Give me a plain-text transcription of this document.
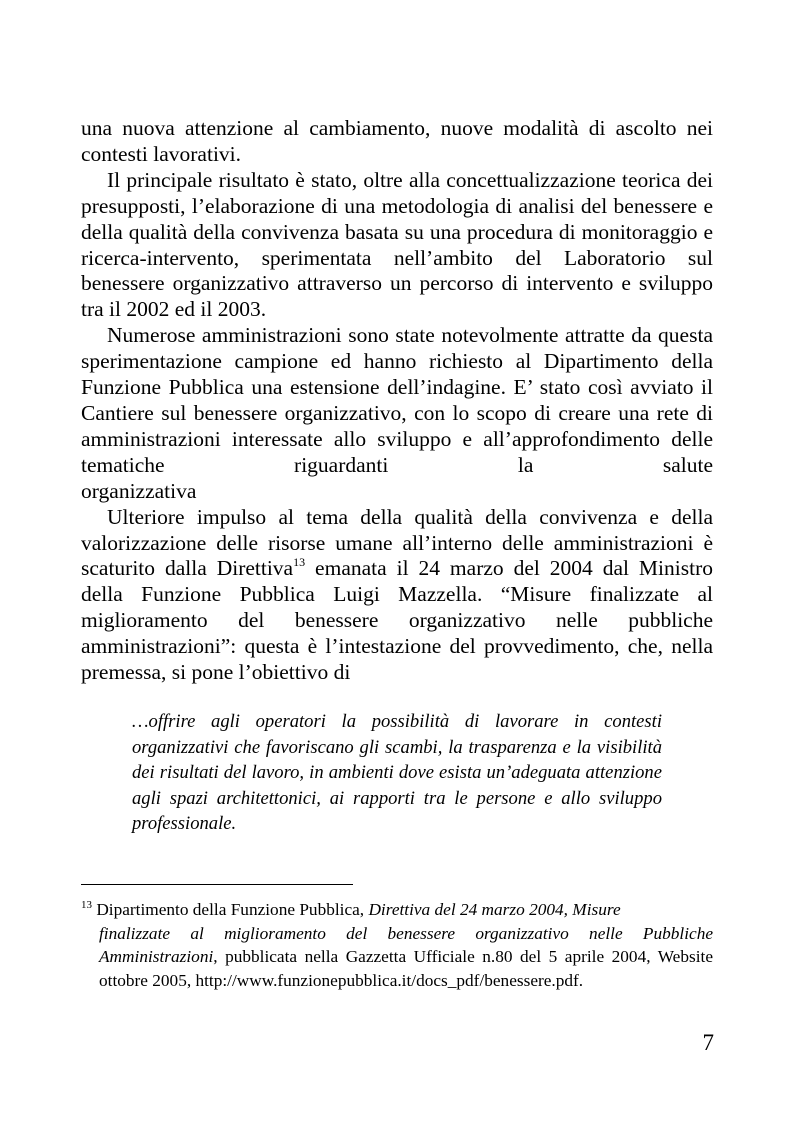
una nuova attenzione al cambiamento, nuove modalità di ascolto nei contesti lavorativi.

Il principale risultato è stato, oltre alla concettualizzazione teorica dei presupposti, l’elaborazione di una metodologia di analisi del benessere e della qualità della convivenza basata su una procedura di monitoraggio e ricerca-intervento, sperimentata nell’ambito del Laboratorio sul benessere organizzativo attraverso un percorso di intervento e sviluppo tra il 2002 ed il 2003.

Numerose amministrazioni sono state notevolmente attratte da questa sperimentazione campione ed hanno richiesto al Dipartimento della Funzione Pubblica una estensione dell’indagine. E’ stato così avviato il Cantiere sul benessere organizzativo, con lo scopo di creare una rete di amministrazioni interessate allo sviluppo e all’approfondimento delle tematiche riguardanti la salute

organizzativa

Ulteriore impulso al tema della qualità della convivenza e della valorizzazione delle risorse umane all’interno delle amministrazioni è scaturito dalla Direttiva$^{13}$ emanata il 24 marzo del 2004 dal Ministro della Funzione Pubblica Luigi Mazzella. “Misure finalizzate al miglioramento del benessere organizzativo nelle pubbliche amministrazioni”: questa è l’intestazione del provvedimento, che, nella premessa, si pone l’obiettivo di

…offrire agli operatori la possibilità di lavorare in contesti organizzativi che favoriscano gli scambi, la trasparenza e la visibilità dei risultati del lavoro, in ambienti dove esista un’adeguata attenzione agli spazi architettonici, ai rapporti tra le persone e allo sviluppo professionale.

$^{13}$ Dipartimento della Funzione Pubblica, Direttiva del 24 marzo 2004, Misure
finalizzate al miglioramento del benessere organizzativo nelle Pubbliche Amministrazioni, pubblicata nella Gazzetta Ufficiale n.80 del 5 aprile 2004, Website ottobre 2005, http://www.funzionepubblica.it/docs_pdf/benessere.pdf.
7
